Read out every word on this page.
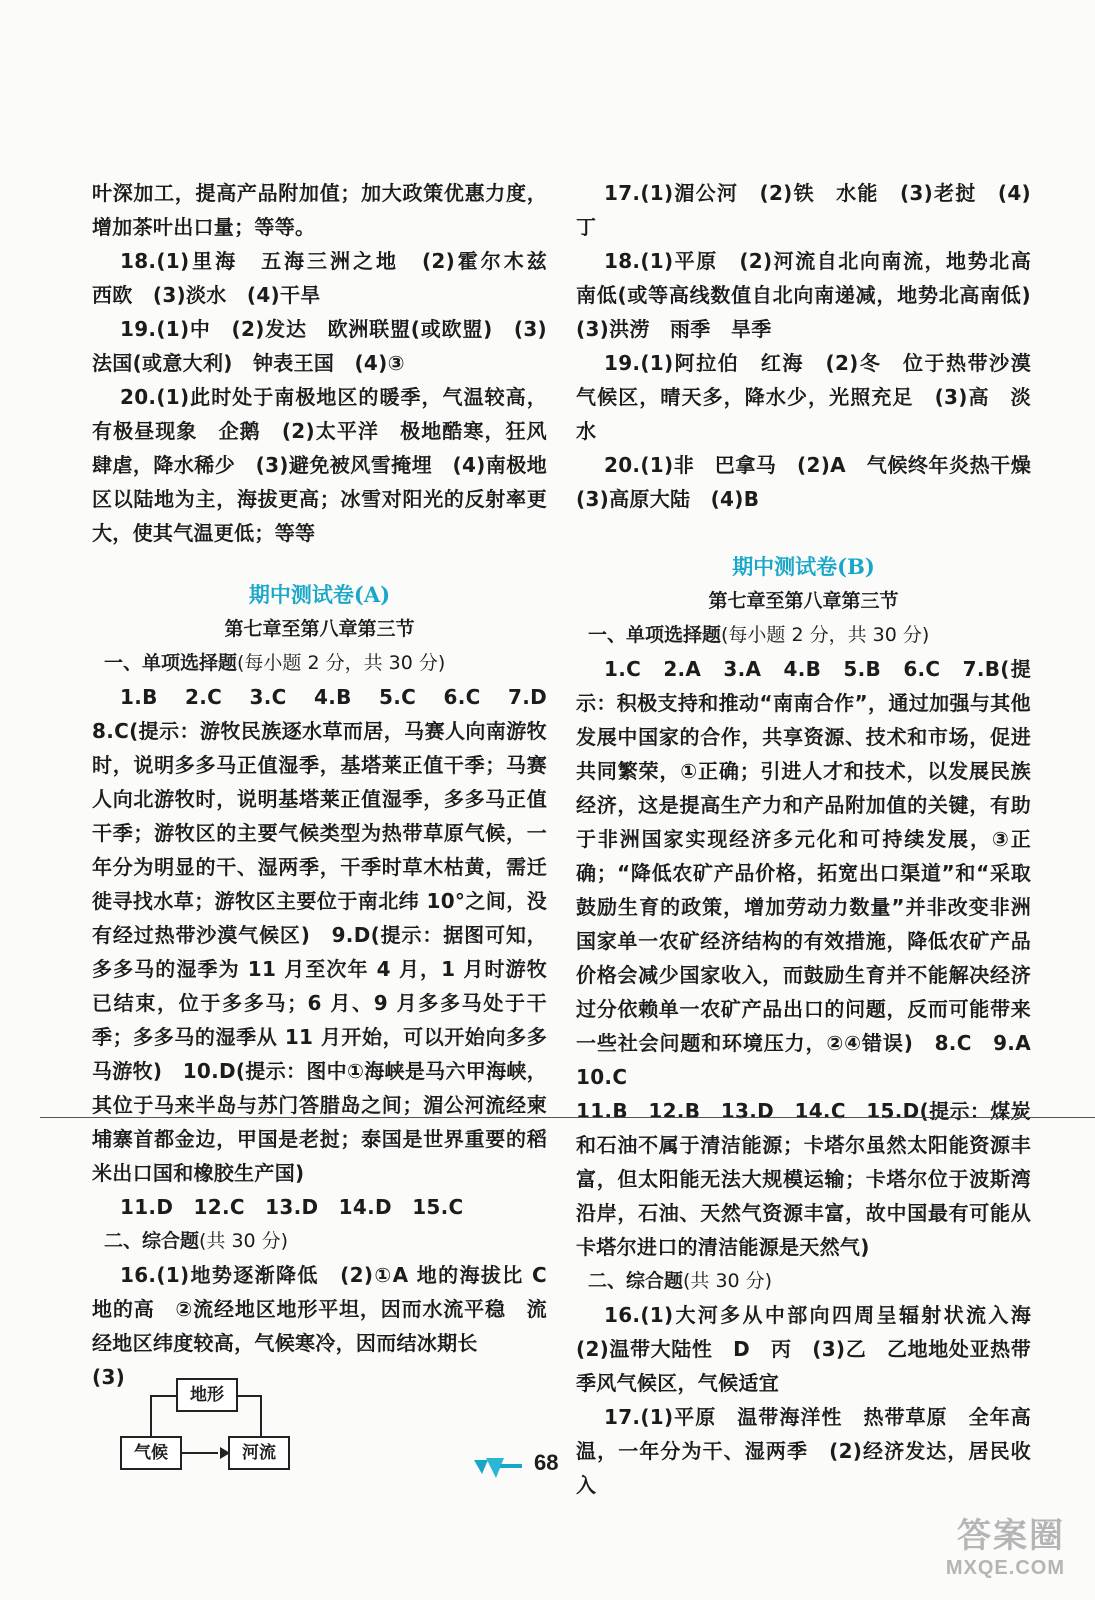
叶深加工，提高产品附加值；加大政策优惠力度，增加茶叶出口量；等等。

18.(1)里海　五海三洲之地　(2)霍尔木兹　西欧　(3)淡水　(4)干旱

19.(1)中　(2)发达　欧洲联盟(或欧盟)　(3)法国(或意大利)　钟表王国　(4)③

20.(1)此时处于南极地区的暖季，气温较高，有极昼现象　企鹅　(2)太平洋　极地酷寒，狂风肆虐，降水稀少　(3)避免被风雪掩埋　(4)南极地区以陆地为主，海拔更高；冰雪对阳光的反射率更大，使其气温更低；等等

期中测试卷(A)

第七章至第八章第三节

一、单项选择题(每小题 2 分，共 30 分)

1.B　2.C　3.C　4.B　5.C　6.C　7.D　8.C(提示：游牧民族逐水草而居，马赛人向南游牧时，说明多多马正值湿季，基塔莱正值干季；马赛人向北游牧时，说明基塔莱正值湿季，多多马正值干季；游牧区的主要气候类型为热带草原气候，一年分为明显的干、湿两季，干季时草木枯黄，需迁徙寻找水草；游牧区主要位于南北纬 10°之间，没有经过热带沙漠气候区)　9.D(提示：据图可知，多多马的湿季为 11 月至次年 4 月，1 月时游牧已结束，位于多多马；6 月、9 月多多马处于干季；多多马的湿季从 11 月开始，可以开始向多多马游牧)　10.D(提示：图中①海峡是马六甲海峡，其位于马来半岛与苏门答腊岛之间；湄公河流经柬埔寨首都金边，甲国是老挝；泰国是世界重要的稻米出口国和橡胶生产国)

11.D　12.C　13.D　14.D　15.C

二、综合题(共 30 分)

16.(1)地势逐渐降低　(2)①A 地的海拔比 C 地的高　②流经地区地形平坦，因而水流平稳　流经地区纬度较高，气候寒冷，因而结冰期长

(3)

地形
气候	河流

17.(1)湄公河　(2)铁　水能　(3)老挝　(4)丁

18.(1)平原　(2)河流自北向南流，地势北高南低(或等高线数值自北向南递减，地势北高南低)　(3)洪涝　雨季　旱季

19.(1)阿拉伯　红海　(2)冬　位于热带沙漠气候区，晴天多，降水少，光照充足　(3)高　淡水

20.(1)非　巴拿马　(2)A　气候终年炎热干燥　(3)高原大陆　(4)B

期中测试卷(B)

第七章至第八章第三节

一、单项选择题(每小题 2 分，共 30 分)

1.C　2.A　3.A　4.B　5.B　6.C　7.B(提示：积极支持和推动“南南合作”，通过加强与其他发展中国家的合作，共享资源、技术和市场，促进共同繁荣，①正确；引进人才和技术，以发展民族经济，这是提高生产力和产品附加值的关键，有助于非洲国家实现经济多元化和可持续发展，③正确；“降低农矿产品价格，拓宽出口渠道”和“采取鼓励生育的政策，增加劳动力数量”并非改变非洲国家单一农矿经济结构的有效措施，降低农矿产品价格会减少国家收入，而鼓励生育并不能解决经济过分依赖单一农矿产品出口的问题，反而可能带来一些社会问题和环境压力，②④错误)　8.C　9.A　10.C

11.B　12.B　13.D　14.C　15.D(提示：煤炭和石油不属于清洁能源；卡塔尔虽然太阳能资源丰富，但太阳能无法大规模运输；卡塔尔位于波斯湾沿岸，石油、天然气资源丰富，故中国最有可能从卡塔尔进口的清洁能源是天然气)

二、综合题(共 30 分)

16.(1)大河多从中部向四周呈辐射状流入海　(2)温带大陆性　D　丙　(3)乙　乙地地处亚热带季风气候区，气候适宜

17.(1)平原　温带海洋性　热带草原　全年高温，一年分为干、湿两季　(2)经济发达，居民收入

68
答案圈
MXQE.COM
